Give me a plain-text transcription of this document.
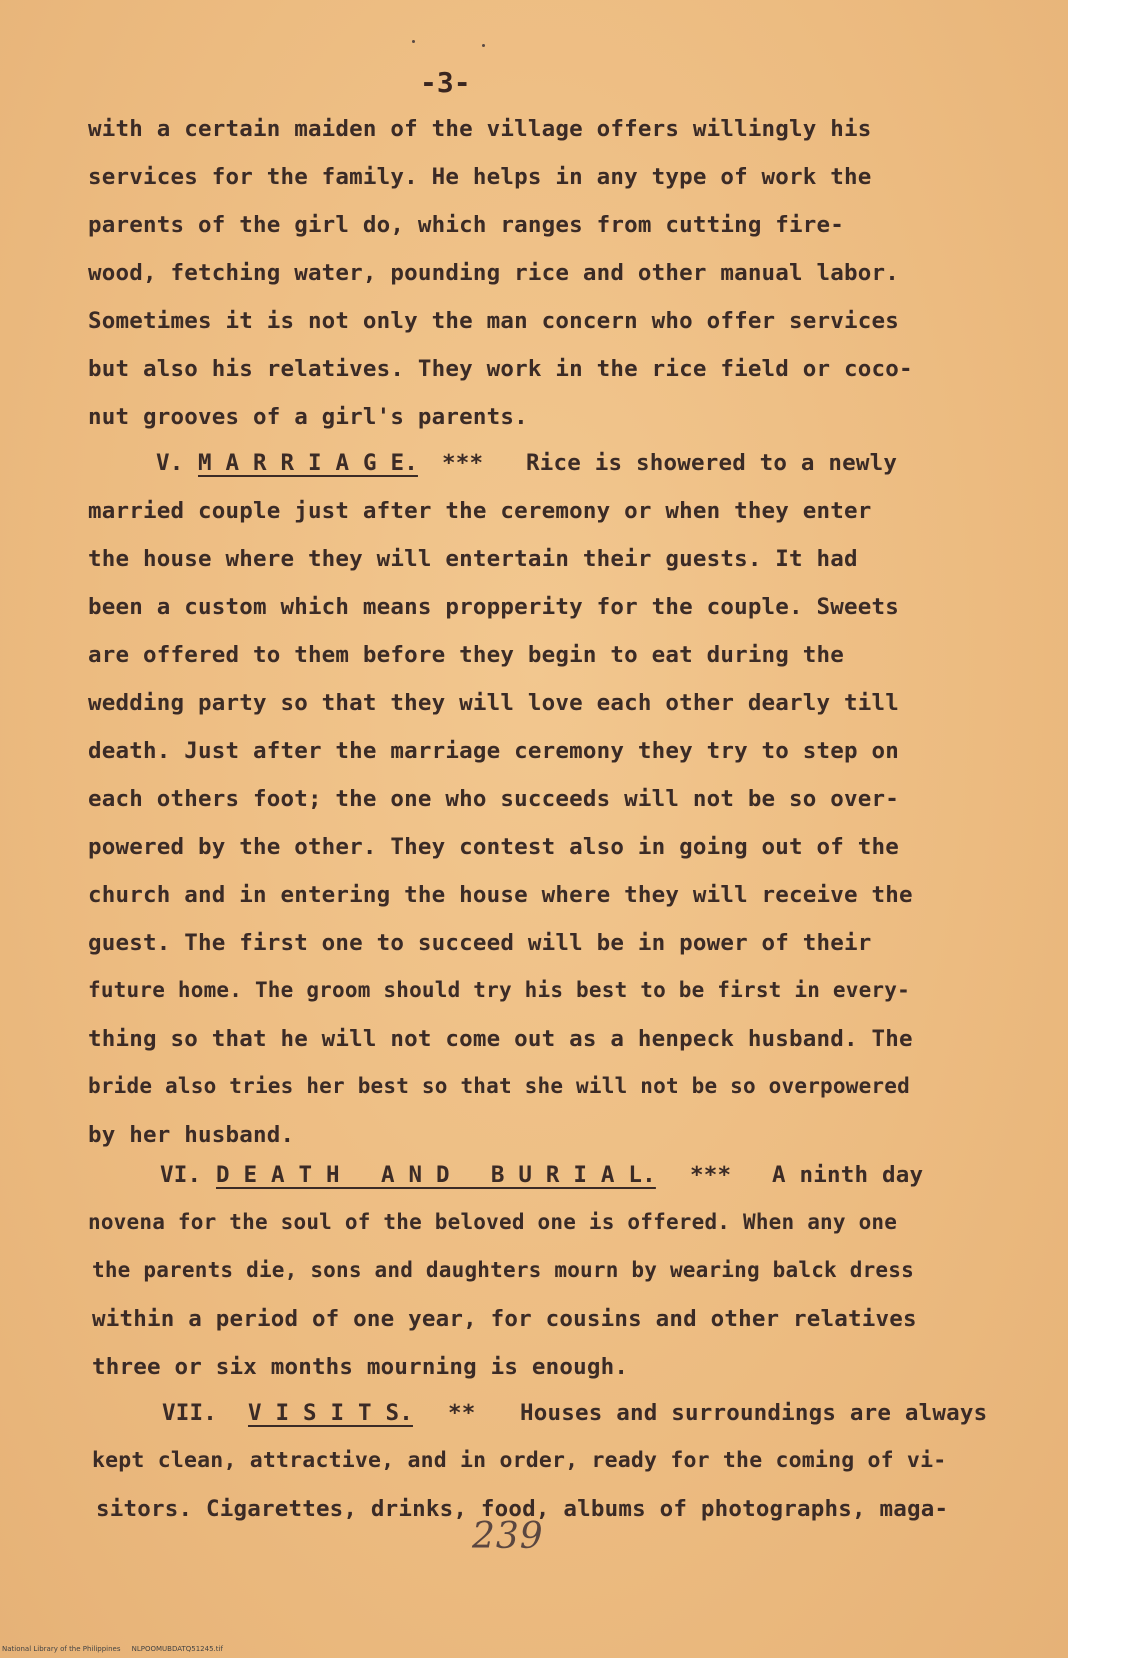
-3-
with a certain maiden of the village offers willingly his
services for the family. He helps in any type of work the
parents of the girl do, which ranges from cutting fire-
wood, fetching water, pounding rice and other manual labor.
Sometimes it is not only the man concern who offer services
but also his relatives. They work in the rice field or coco-
nut grooves of a girl's parents.
V. M A R R I A G E. *** Rice is showered to a newly
married couple just after the ceremony or when they enter
the house where they will entertain their guests. It had
been a custom which means propperity for the couple. Sweets
are offered to them before they begin to eat during the
wedding party so that they will love each other dearly till
death. Just after the marriage ceremony they try to step on
each others foot; the one who succeeds will not be so over-
powered by the other. They contest also in going out of the
church and in entering the house where they will receive the
guest. The first one to succeed will be in power of their
future home. The groom should try his best to be first in every-
thing so that he will not come out as a henpeck husband. The
bride also tries her best so that she will not be so overpowered
by her husband.
VI. D E A T H   A N D   B U R I A L. *** A ninth day
novena for the soul of the beloved one is offered. When any one
the parents die, sons and daughters mourn by wearing balck dress
within a period of one year, for cousins and other relatives
three or six months mourning is enough.
VII. V I S I T S. ** Houses and surroundings are always
kept clean, attractive, and in order, ready for the coming of vi-
sitors. Cigarettes, drinks, food, albums of photographs, maga-
239
National Library of the Philippines     NLPOOMUBDATQ51245.tif
